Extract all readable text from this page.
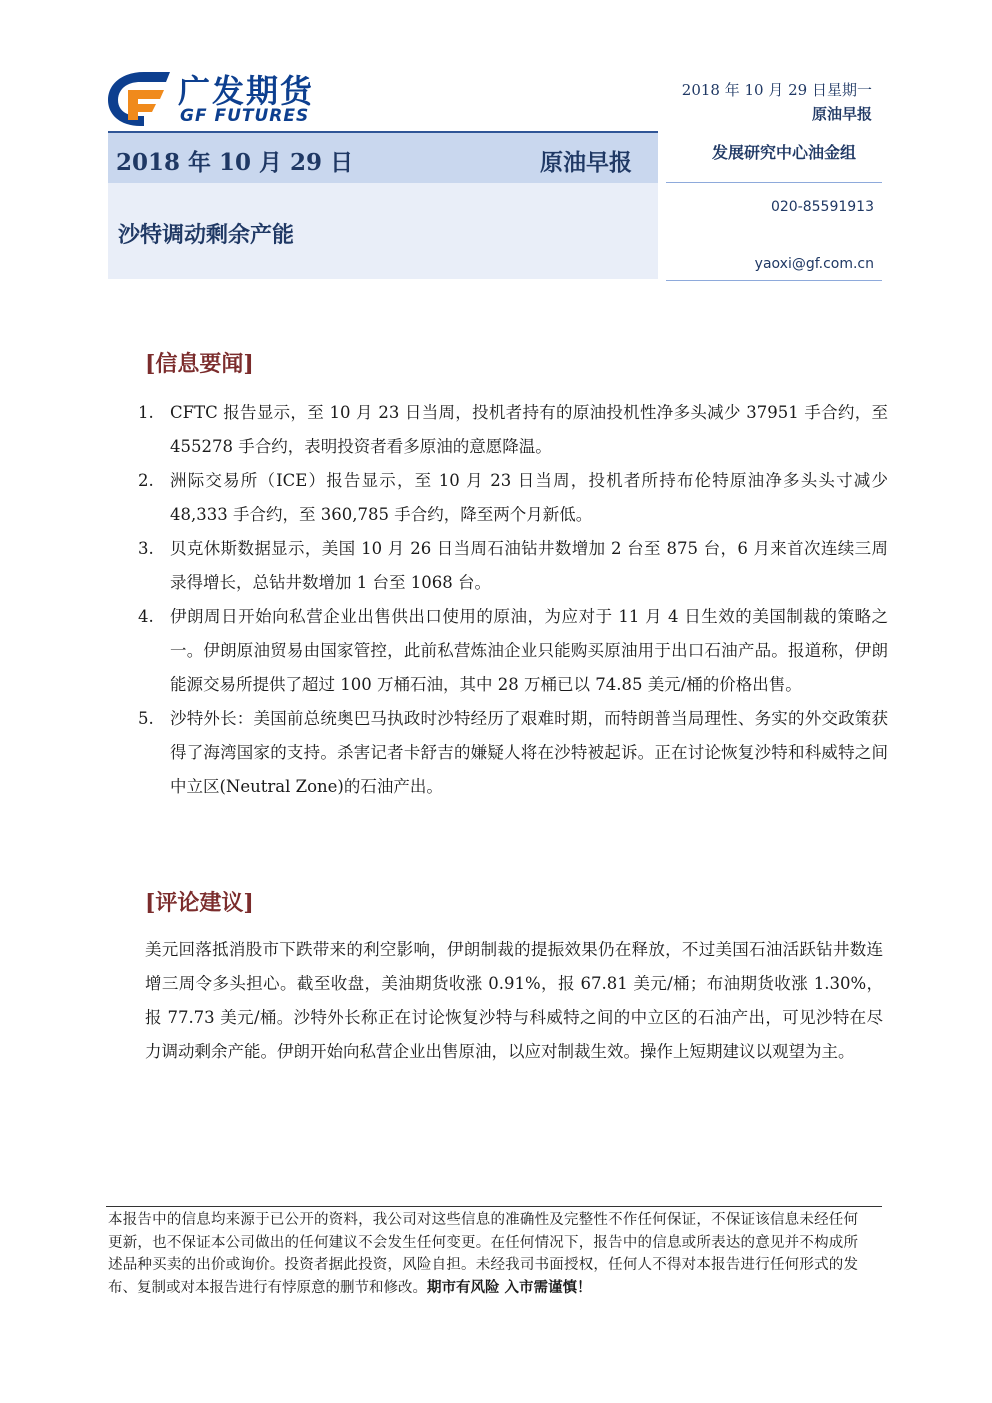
广发期货
GF FUTURES
2018 年 10 月 29 日星期一
原油早报
2018 年 10 月 29 日	原油早报
沙特调动剩余产能
发展研究中心油金组
020-85591913
yaoxi@gf.com.cn
[信息要闻]
1. CFTC 报告显示，至 10 月 23 日当周，投机者持有的原油投机性净多头减少 37951 手合约，至 455278 手合约，表明投资者看多原油的意愿降温。
2. 洲际交易所（ICE）报告显示，至 10 月 23 日当周，投机者所持布伦特原油净多头头寸减少 48,333 手合约，至 360,785 手合约，降至两个月新低。
3. 贝克休斯数据显示，美国 10 月 26 日当周石油钻井数增加 2 台至 875 台，6 月来首次连续三周录得增长，总钻井数增加 1 台至 1068 台。
4. 伊朗周日开始向私营企业出售供出口使用的原油，为应对于 11 月 4 日生效的美国制裁的策略之一。伊朗原油贸易由国家管控，此前私营炼油企业只能购买原油用于出口石油产品。报道称，伊朗能源交易所提供了超过 100 万桶石油，其中 28 万桶已以 74.85 美元/桶的价格出售。
5. 沙特外长：美国前总统奥巴马执政时沙特经历了艰难时期，而特朗普当局理性、务实的外交政策获得了海湾国家的支持。杀害记者卡舒吉的嫌疑人将在沙特被起诉。正在讨论恢复沙特和科威特之间中立区(Neutral Zone)的石油产出。
[评论建议]

美元回落抵消股市下跌带来的利空影响，伊朗制裁的提振效果仍在释放，不过美国石油活跃钻井数连增三周令多头担心。截至收盘，美油期货收涨 0.91%，报 67.81 美元/桶；布油期货收涨 1.30%，报 77.73 美元/桶。沙特外长称正在讨论恢复沙特与科威特之间的中立区的石油产出，可见沙特在尽力调动剩余产能。伊朗开始向私营企业出售原油，以应对制裁生效。操作上短期建议以观望为主。

本报告中的信息均来源于已公开的资料，我公司对这些信息的准确性及完整性不作任何保证，不保证该信息未经任何更新，也不保证本公司做出的任何建议不会发生任何变更。在任何情况下，报告中的信息或所表达的意见并不构成所述品种买卖的出价或询价。投资者据此投资，风险自担。未经我司书面授权，任何人不得对本报告进行任何形式的发布、复制或对本报告进行有悖原意的删节和修改。期市有风险 入市需谨慎！
